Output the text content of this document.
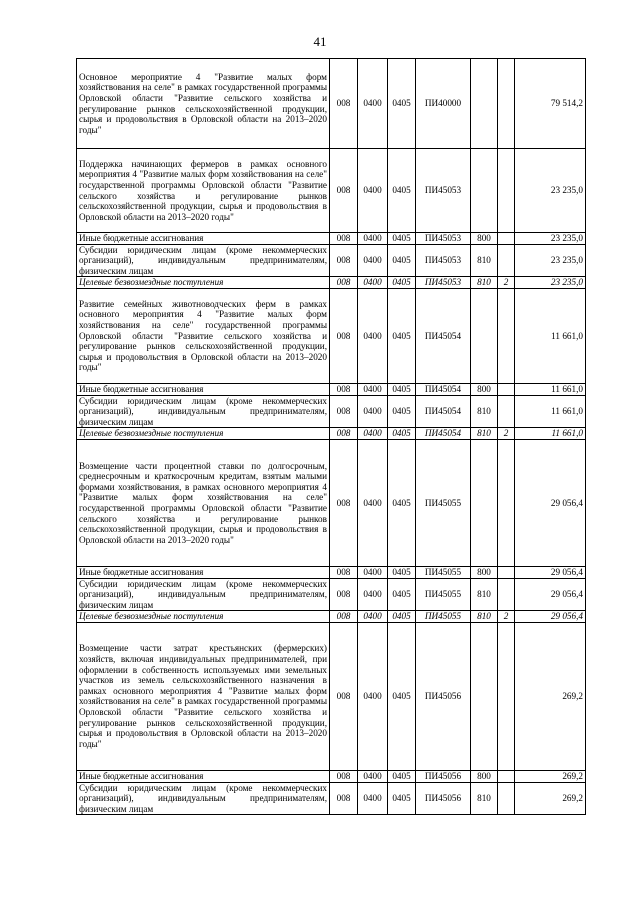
41
Основное мероприятие 4 "Развитие малых форм хозяйствования на селе" в рамках государственной программы Орловской области "Развитие сельского хозяйства и регулирование рынков сельскохозяйственной продукции, сырья и продовольствия в Орловской области на 2013–2020 годы"	008	0400	0405	ПИ40000			79 514,2
Поддержка начинающих фермеров в рамках основного мероприятия 4 "Развитие малых форм хозяйствования на селе" государственной программы Орловской области "Развитие сельского хозяйства и регулирование рынков сельскохозяйственной продукции, сырья и продовольствия в Орловской области на 2013–2020 годы"	008	0400	0405	ПИ45053			23 235,0
Иные бюджетные ассигнования	008	0400	0405	ПИ45053	800		23 235,0
Субсидии юридическим лицам (кроме некоммерческих организаций), индивидуальным предпринимателям, физическим лицам	008	0400	0405	ПИ45053	810		23 235,0
Целевые безвозмездные поступления	008	0400	0405	ПИ45053	810	2	23 235,0
Развитие семейных животноводческих ферм в рамках основного мероприятия 4 "Развитие малых форм хозяйствования на селе" государственной программы Орловской области "Развитие сельского хозяйства и регулирование рынков сельскохозяйственной продукции, сырья и продовольствия в Орловской области на 2013–2020 годы"	008	0400	0405	ПИ45054			11 661,0
Иные бюджетные ассигнования	008	0400	0405	ПИ45054	800		11 661,0
Субсидии юридическим лицам (кроме некоммерческих организаций), индивидуальным предпринимателям, физическим лицам	008	0400	0405	ПИ45054	810		11 661,0
Целевые безвозмездные поступления	008	0400	0405	ПИ45054	810	2	11 661,0
Возмещение части процентной ставки по долгосрочным, среднесрочным и краткосрочным кредитам, взятым малыми формами хозяйствования, в рамках основного мероприятия 4 "Развитие малых форм хозяйствования на селе" государственной программы Орловской области "Развитие сельского хозяйства и регулирование рынков сельскохозяйственной продукции, сырья и продовольствия в Орловской области на 2013–2020 годы"	008	0400	0405	ПИ45055			29 056,4
Иные бюджетные ассигнования	008	0400	0405	ПИ45055	800		29 056,4
Субсидии юридическим лицам (кроме некоммерческих организаций), индивидуальным предпринимателям, физическим лицам	008	0400	0405	ПИ45055	810		29 056,4
Целевые безвозмездные поступления	008	0400	0405	ПИ45055	810	2	29 056,4
Возмещение части затрат крестьянских (фермерских) хозяйств, включая индивидуальных предпринимателей, при оформлении в собственность используемых ими земельных участков из земель сельскохозяйственного назначения в рамках основного мероприятия 4 "Развитие малых форм хозяйствования на селе" в рамках государственной программы Орловской области "Развитие сельского хозяйства и регулирование рынков сельскохозяйственной продукции, сырья и продовольствия в Орловской области на 2013–2020 годы"	008	0400	0405	ПИ45056			269,2
Иные бюджетные ассигнования	008	0400	0405	ПИ45056	800		269,2
Субсидии юридическим лицам (кроме некоммерческих организаций), индивидуальным предпринимателям, физическим лицам	008	0400	0405	ПИ45056	810		269,2
